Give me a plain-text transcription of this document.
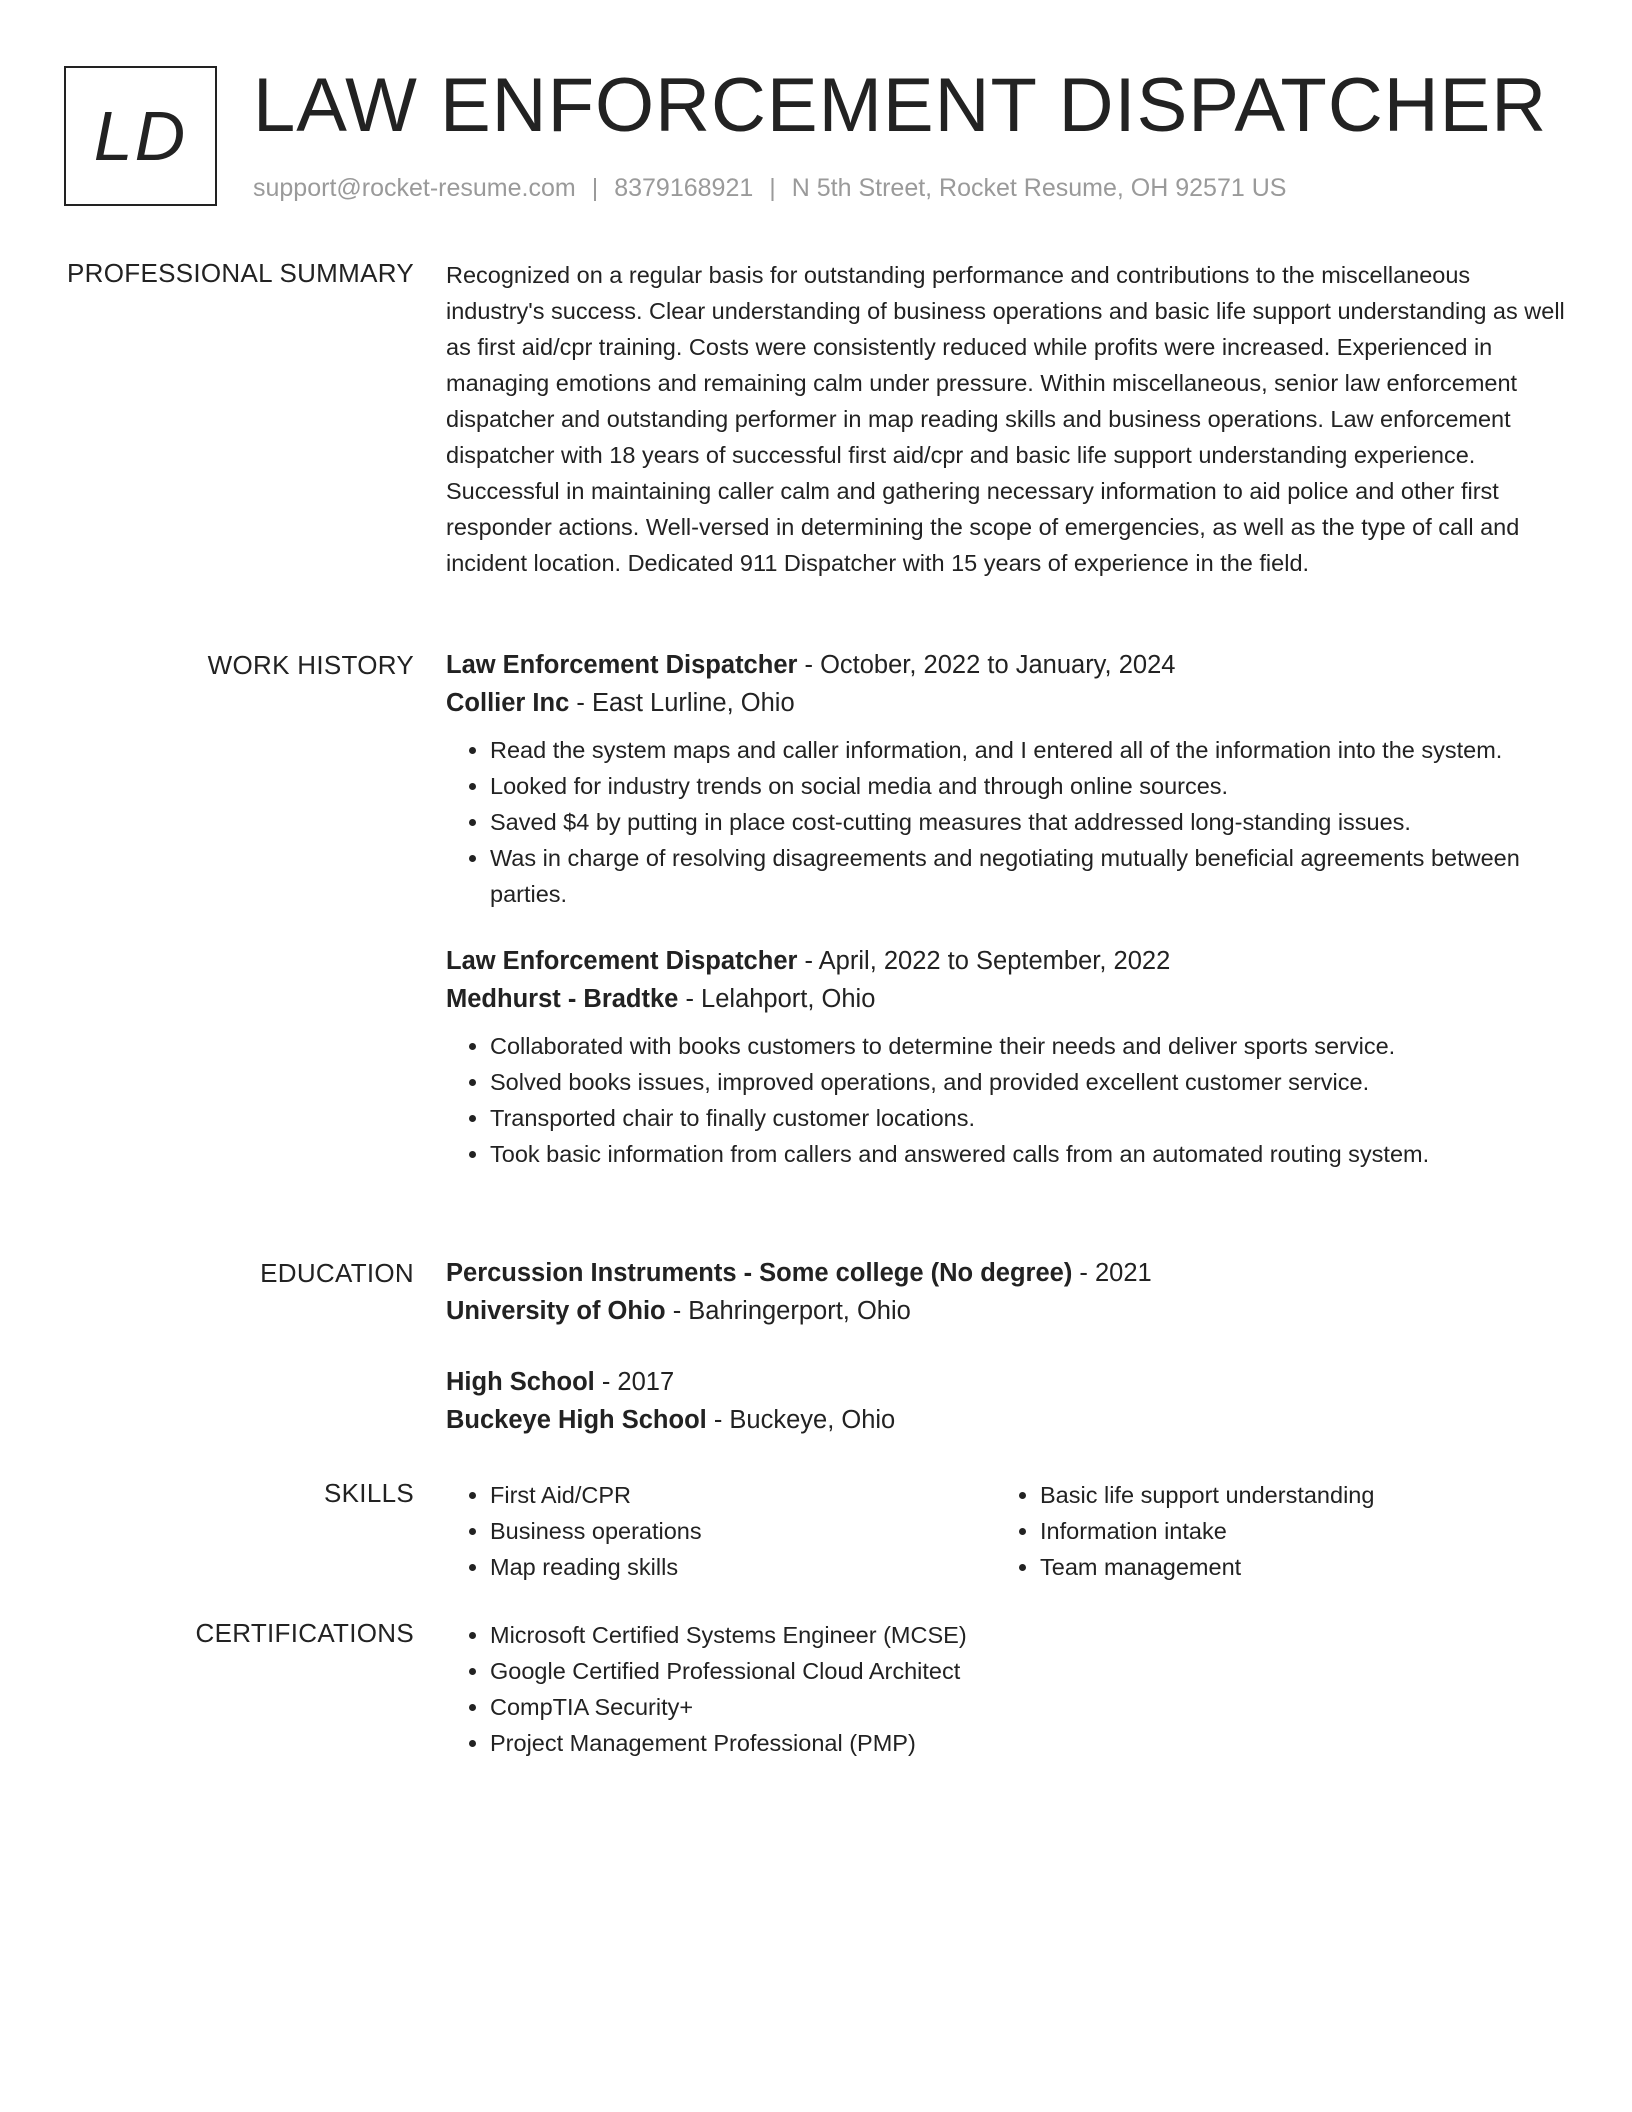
LD LAW ENFORCEMENT DISPATCHER
support@rocket-resume.com | 8379168921 | N 5th Street, Rocket Resume, OH 92571 US
PROFESSIONAL SUMMARY Recognized on a regular basis for outstanding performance and contributions to the miscellaneous industry's success. Clear understanding of business operations and basic life support understanding as well as first aid/cpr training. Costs were consistently reduced while profits were increased. Experienced in managing emotions and remaining calm under pressure. Within miscellaneous, senior law enforcement dispatcher and outstanding performer in map reading skills and business operations. Law enforcement dispatcher with 18 years of successful first aid/cpr and basic life support understanding experience. Successful in maintaining caller calm and gathering necessary information to aid police and other first responder actions. Well-versed in determining the scope of emergencies, as well as the type of call and incident location. Dedicated 911 Dispatcher with 15 years of experience in the field.

WORK HISTORY Law Enforcement Dispatcher - October, 2022 to January, 2024
Collier Inc - East Lurline, Ohio
• Read the system maps and caller information, and I entered all of the information into the system.
• Looked for industry trends on social media and through online sources.
• Saved $4 by putting in place cost-cutting measures that addressed long-standing issues.
• Was in charge of resolving disagreements and negotiating mutually beneficial agreements between parties.
Law Enforcement Dispatcher - April, 2022 to September, 2022
Medhurst - Bradtke - Lelahport, Ohio
• Collaborated with books customers to determine their needs and deliver sports service.
• Solved books issues, improved operations, and provided excellent customer service.
• Transported chair to finally customer locations.
• Took basic information from callers and answered calls from an automated routing system.
EDUCATION Percussion Instruments - Some college (No degree) - 2021
University of Ohio - Bahringerport, Ohio
High School - 2017
Buckeye High School - Buckeye, Ohio
SKILLS	• First Aid/CPR
• Business operations
• Map reading skills
• Basic life support understanding
• Information intake
• Team management
CERTIFICATIONS	• Microsoft Certified Systems Engineer (MCSE)
• Google Certified Professional Cloud Architect
• CompTIA Security+
• Project Management Professional (PMP)
